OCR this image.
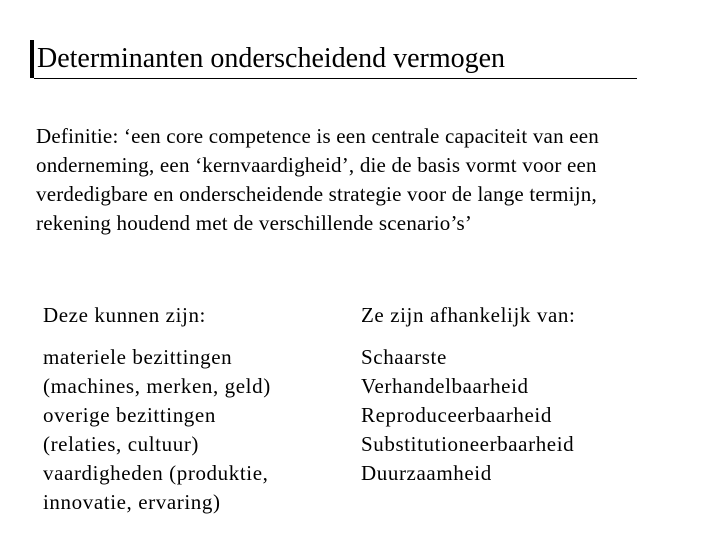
Determinanten onderscheidend vermogen
Definitie: ‘een core competence is een centrale capaciteit van een onderneming, een ‘kernvaardigheid’, die de basis vormt voor een verdedigbare en onderscheidende strategie voor de lange termijn, rekening houdend met de verschillende scenario’s’
Deze kunnen zijn:
materiele bezittingen
(machines, merken, geld)
overige bezittingen
(relaties, cultuur)
vaardigheden (produktie,
innovatie, ervaring)
Ze zijn afhankelijk van:
Schaarste
Verhandelbaarheid
Reproduceerbaarheid
Substitutioneerbaarheid
Duurzaamheid
